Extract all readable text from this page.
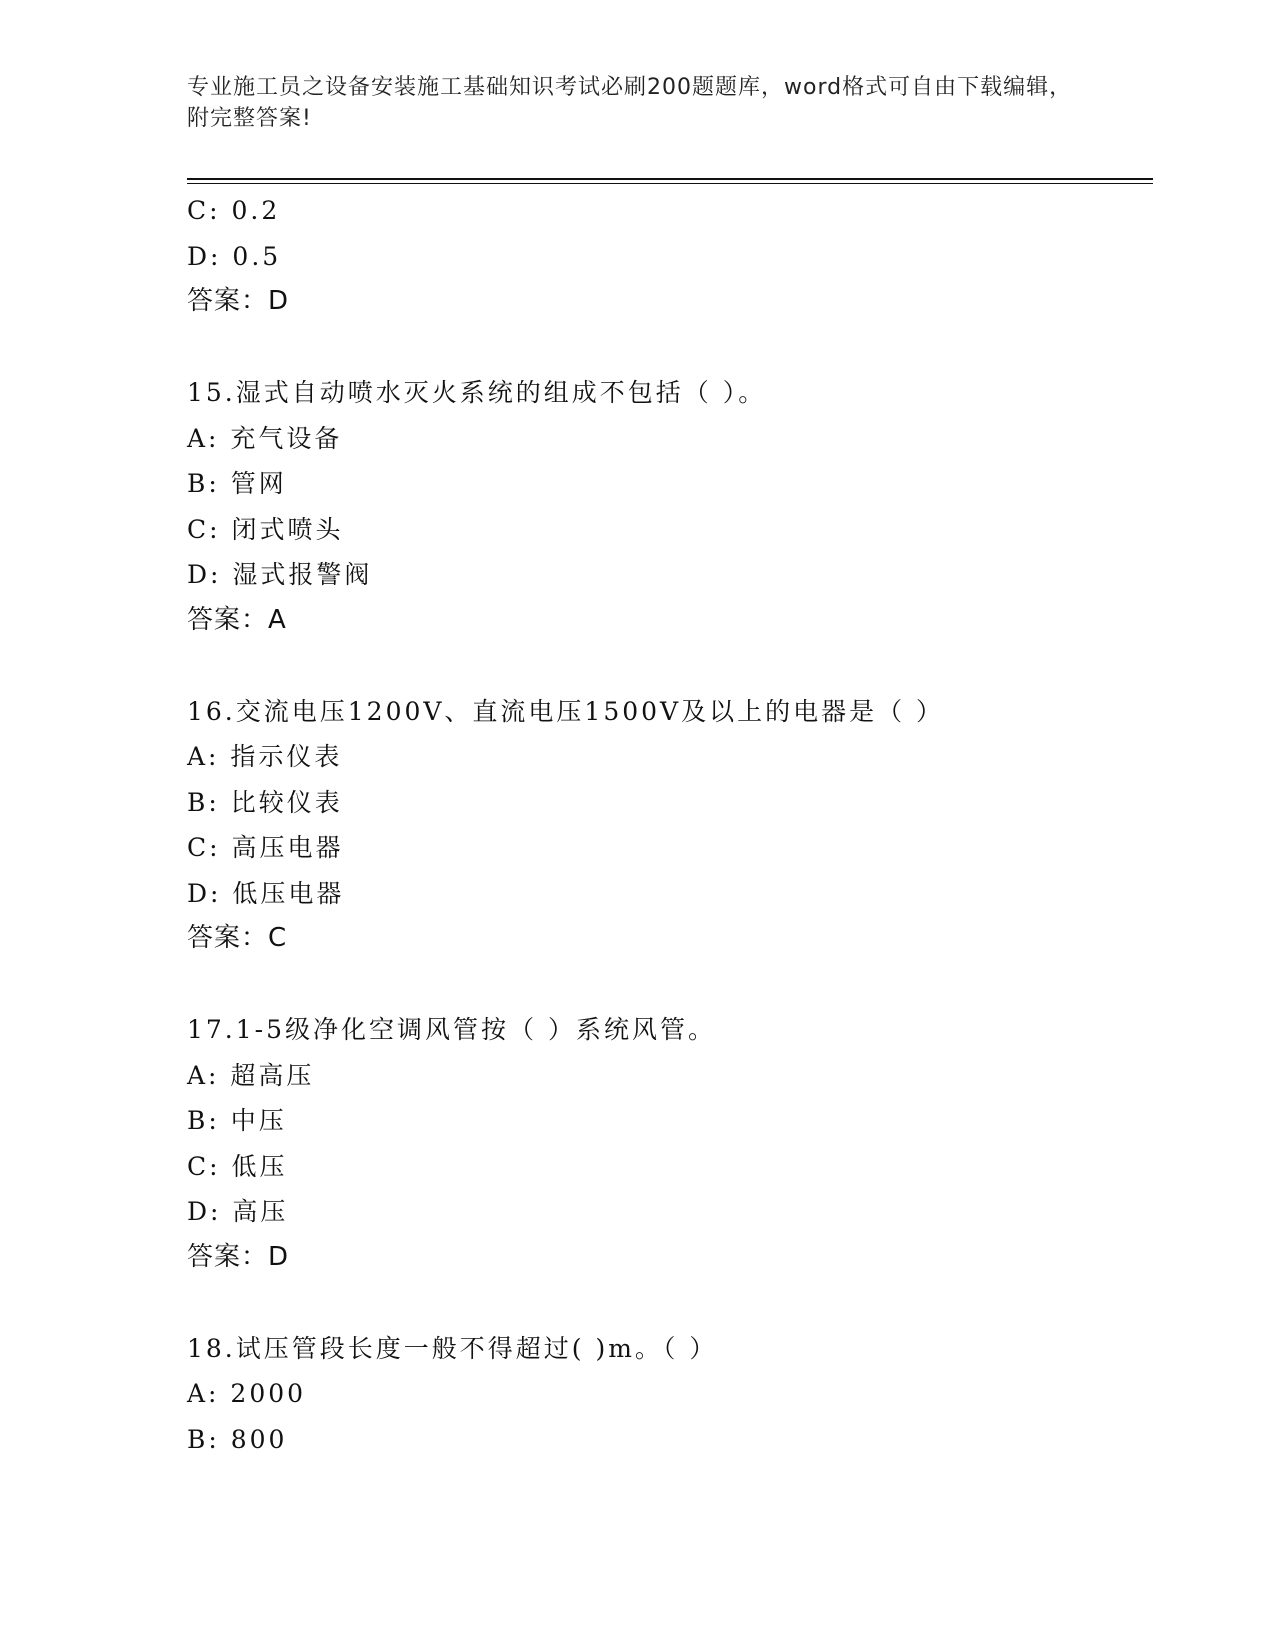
专业施工员之设备安装施工基础知识考试必刷200题题库，word格式可自由下载编辑，附完整答案!
C: 0.2
D: 0.5
答案：D
15.湿式自动喷水灭火系统的组成不包括（ ）。
A: 充气设备
B: 管网
C: 闭式喷头
D: 湿式报警阀
答案：A
16.交流电压1200V、直流电压1500V及以上的电器是（ ）
A: 指示仪表
B: 比较仪表
C: 高压电器
D: 低压电器
答案：C
17.1-5级净化空调风管按（ ）系统风管。
A: 超高压
B: 中压
C: 低压
D: 高压
答案：D
18.试压管段长度一般不得超过( )m。（ ）
A: 2000
B: 800
